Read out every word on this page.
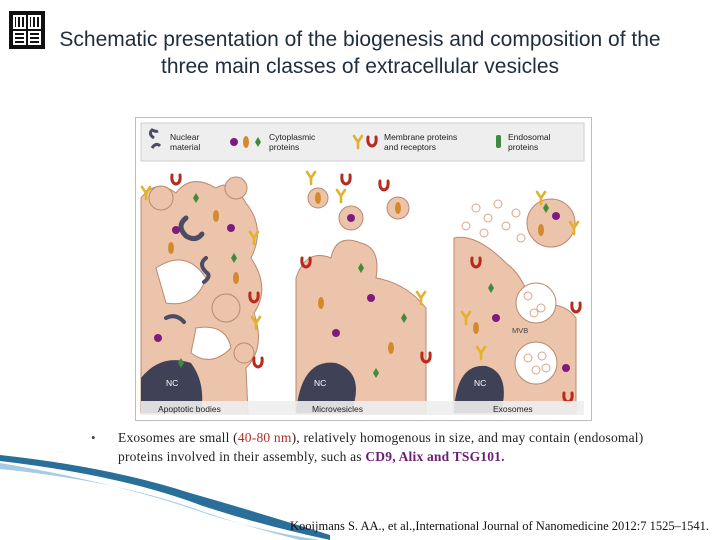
Schematic presentation of the biogenesis and composition of the three main classes of extracellular vesicles
Nuclear
material
Cytoplasmic
proteins
Membrane proteins
and receptors
Endosomal
proteins
NC	NC	NC
MVB
Apoptotic bodies	Microvesicles	Exosomes
• Exosomes are small (40-80 nm), relatively homogenous in size, and may contain (endosomal) proteins involved in their assembly, such as CD9, Alix and TSG101.
Kooijmans S. AA., et al.,International Journal of Nanomedicine 2012:7 1525–1541.
